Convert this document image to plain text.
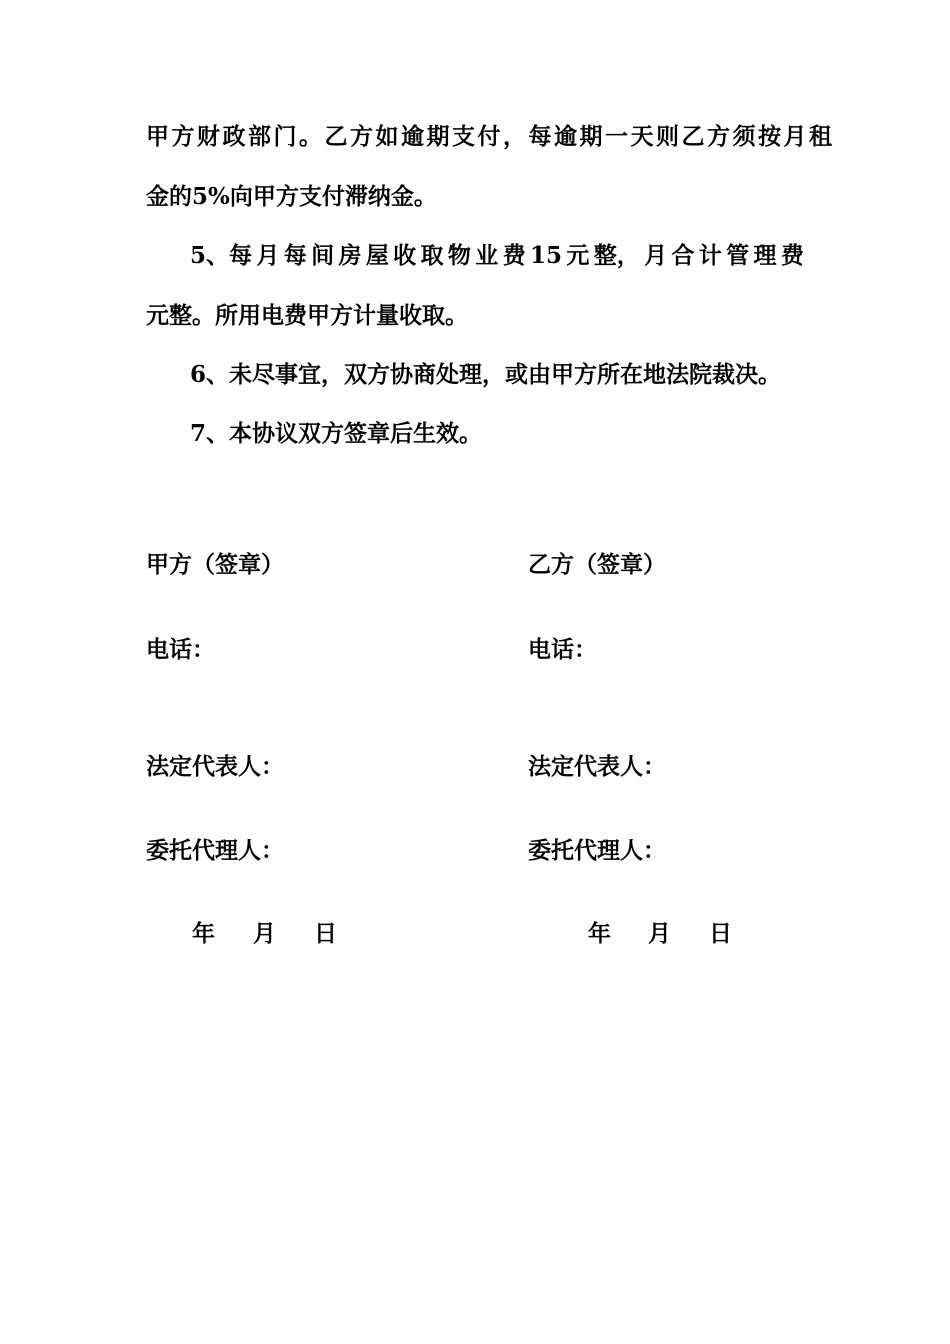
甲方财政部门。乙方如逾期支付，每逾期一天则乙方须按月租
金的5%向甲方支付滞纳金。
5、每 月 每 间 房 屋 收 取 物 业 费 15 元 整， 月 合 计 管 理 费
元整。所用电费甲方计量收取。
6、未尽事宜，双方协商处理，或由甲方所在地法院裁决。
7、本协议双方签章后生效。
甲方（签章）
电话：
法定代表人：
委托代理人：
年 月 日
乙方（签章）
电话：
法定代表人：
委托代理人：
年 月 日
